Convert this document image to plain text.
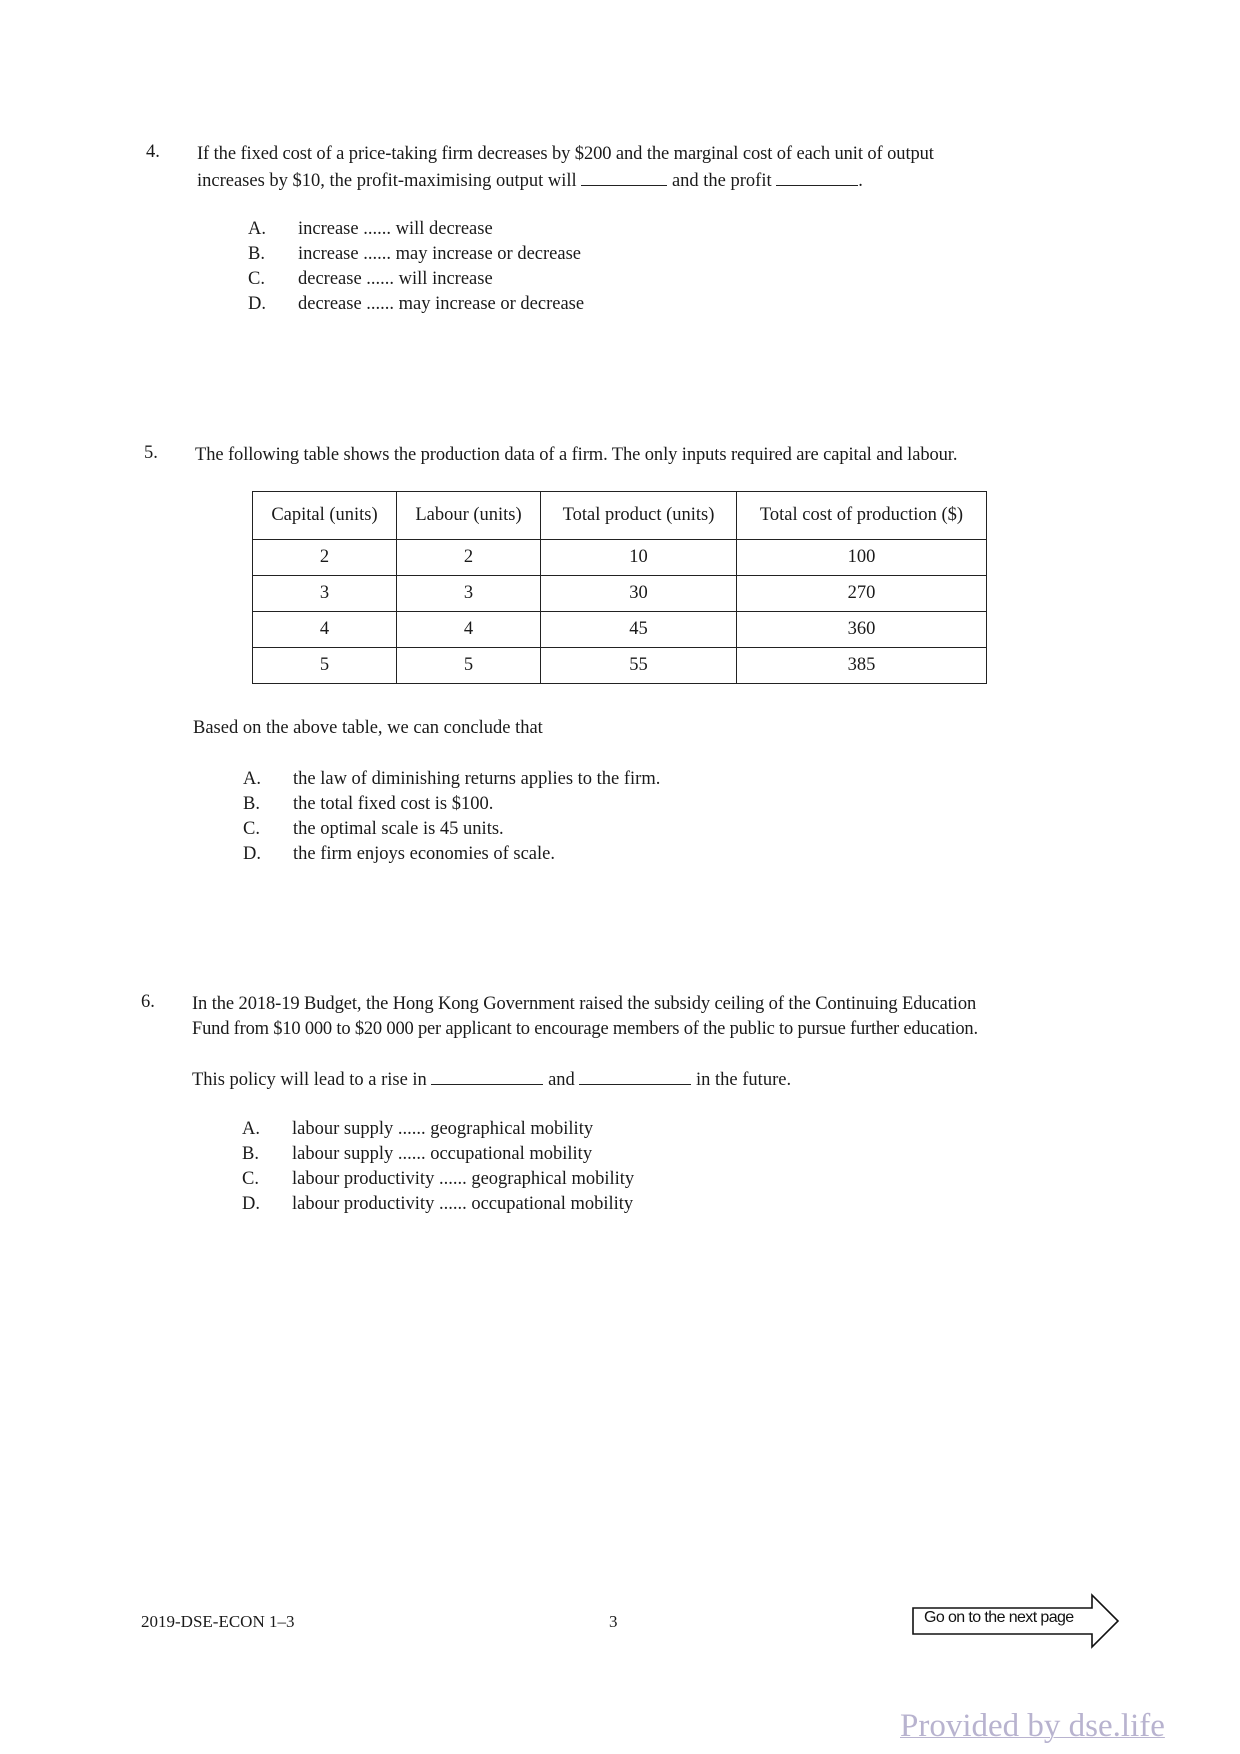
4. If the fixed cost of a price-taking firm decreases by $200 and the marginal cost of each unit of output
increases by $10, the profit-maximising output will	and the profit	.
A.	increase ...... will decrease
B.	increase ...... may increase or decrease
C.	decrease ...... will increase
D.	decrease ...... may increase or decrease
5. The following table shows the production data of a firm. The only inputs required are capital and labour.
Capital (units)	Labour (units)	Total product (units)	Total cost of production ($)
2	2	10	100
3	3	30	270
4	4	45	360
5	5	55	385
Based on the above table, we can conclude that
A.	the law of diminishing returns applies to the firm.
B.	the total fixed cost is $100.
C.	the optimal scale is 45 units.
D.	the firm enjoys economies of scale.
6. In the 2018-19 Budget, the Hong Kong Government raised the subsidy ceiling of the Continuing Education
Fund from $10 000 to $20 000 per applicant to encourage members of the public to pursue further education.
This policy will lead to a rise in	and	in the future.
A.	labour supply ...... geographical mobility
B.	labour supply ...... occupational mobility
C.	labour productivity ...... geographical mobility
D.	labour productivity ...... occupational mobility
2019-DSE-ECON 1–3	3	Go on to the next page
Provided by dse.life
